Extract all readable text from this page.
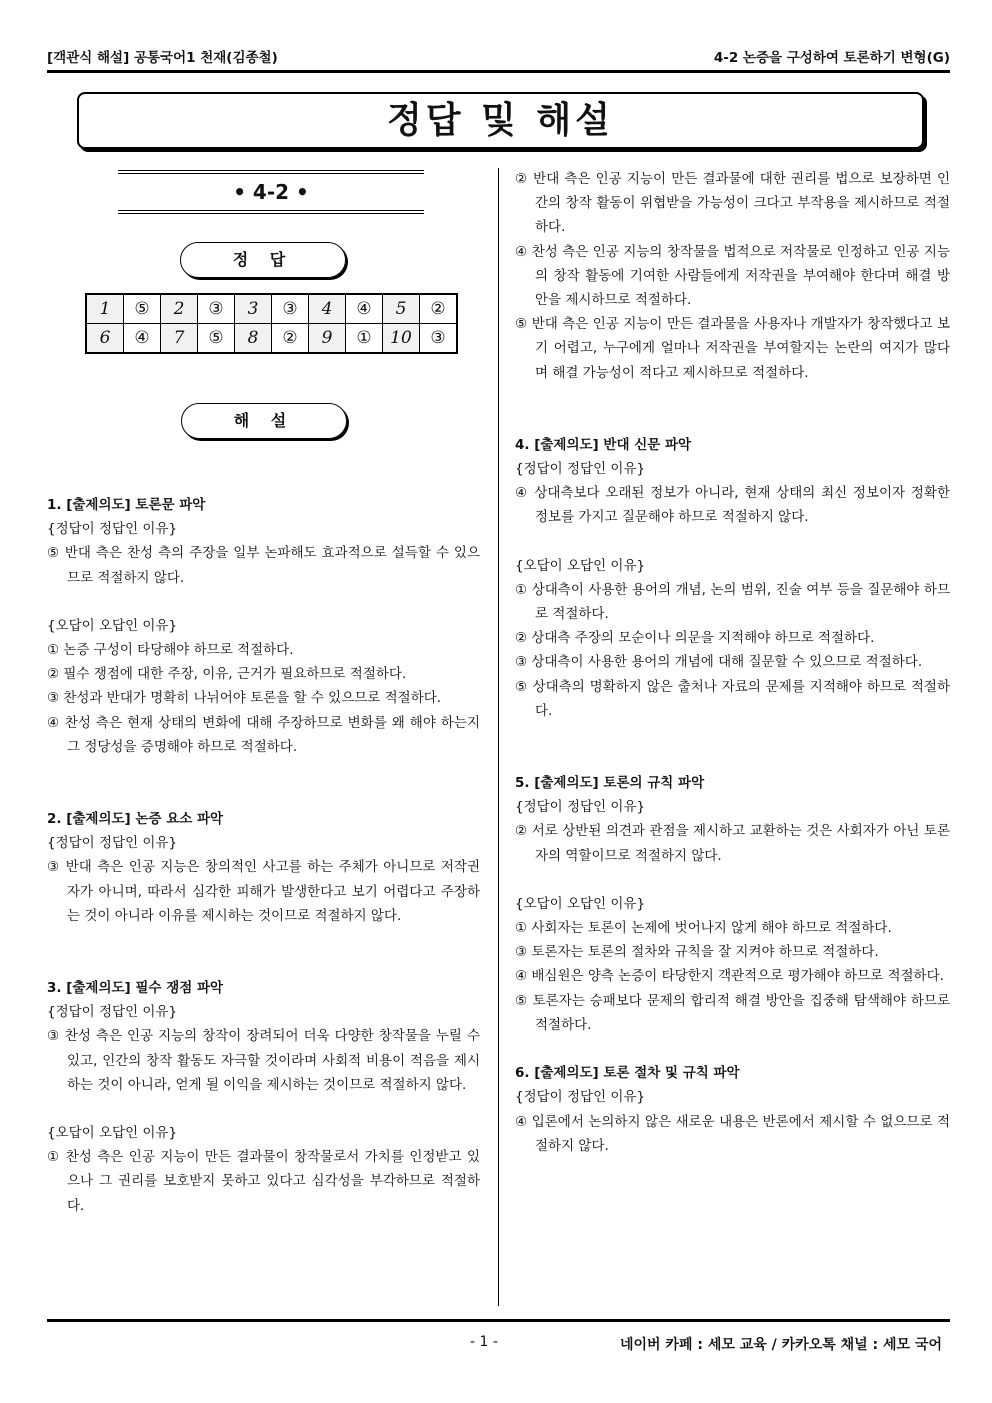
[객관식 해설] 공통국어1 천재(김종철)	4-2 논증을 구성하여 토론하기 변형(G)
정답 및 해설
• 4-2 •
정 답
1	⑤	2	③	3	③	4	④	5	②
6	④	7	⑤	8	②	9	①	10	③
해 설

1. [출제의도] 토론문 파악

{정답이 정답인 이유}

⑤ 반대 측은 찬성 측의 주장을 일부 논파해도 효과적으로 설득할 수 있으므로 적절하지 않다.

{오답이 오답인 이유}

① 논증 구성이 타당해야 하므로 적절하다.

② 필수 쟁점에 대한 주장, 이유, 근거가 필요하므로 적절하다.

③ 찬성과 반대가 명확히 나뉘어야 토론을 할 수 있으므로 적절하다.

④ 찬성 측은 현재 상태의 변화에 대해 주장하므로 변화를 왜 해야 하는지 그 정당성을 증명해야 하므로 적절하다.

2. [출제의도] 논증 요소 파악

{정답이 정답인 이유}

③ 반대 측은 인공 지능은 창의적인 사고를 하는 주체가 아니므로 저작권자가 아니며, 따라서 심각한 피해가 발생한다고 보기 어렵다고 주장하는 것이 아니라 이유를 제시하는 것이므로 적절하지 않다.

3. [출제의도] 필수 쟁점 파악

{정답이 정답인 이유}

③ 찬성 측은 인공 지능의 창작이 장려되어 더욱 다양한 창작물을 누릴 수 있고, 인간의 창작 활동도 자극할 것이라며 사회적 비용이 적음을 제시하는 것이 아니라, 얻게 될 이익을 제시하는 것이므로 적절하지 않다.

{오답이 오답인 이유}

① 찬성 측은 인공 지능이 만든 결과물이 창작물로서 가치를 인정받고 있으나 그 권리를 보호받지 못하고 있다고 심각성을 부각하므로 적절하다.

② 반대 측은 인공 지능이 만든 결과물에 대한 권리를 법으로 보장하면 인간의 창작 활동이 위협받을 가능성이 크다고 부작용을 제시하므로 적절하다.

④ 찬성 측은 인공 지능의 창작물을 법적으로 저작물로 인정하고 인공 지능의 창작 활동에 기여한 사람들에게 저작권을 부여해야 한다며 해결 방안을 제시하므로 적절하다.

⑤ 반대 측은 인공 지능이 만든 결과물을 사용자나 개발자가 창작했다고 보기 어렵고, 누구에게 얼마나 저작권을 부여할지는 논란의 여지가 많다며 해결 가능성이 적다고 제시하므로 적절하다.

4. [출제의도] 반대 신문 파악

{정답이 정답인 이유}

④ 상대측보다 오래된 정보가 아니라, 현재 상태의 최신 정보이자 정확한 정보를 가지고 질문해야 하므로 적절하지 않다.

{오답이 오답인 이유}

① 상대측이 사용한 용어의 개념, 논의 범위, 진술 여부 등을 질문해야 하므로 적절하다.

② 상대측 주장의 모순이나 의문을 지적해야 하므로 적절하다.

③ 상대측이 사용한 용어의 개념에 대해 질문할 수 있으므로 적절하다.

⑤ 상대측의 명확하지 않은 출처나 자료의 문제를 지적해야 하므로 적절하다.

5. [출제의도] 토론의 규칙 파악

{정답이 정답인 이유}

② 서로 상반된 의견과 관점을 제시하고 교환하는 것은 사회자가 아닌 토론자의 역할이므로 적절하지 않다.

{오답이 오답인 이유}

① 사회자는 토론이 논제에 벗어나지 않게 해야 하므로 적절하다.

③ 토론자는 토론의 절차와 규칙을 잘 지켜야 하므로 적절하다.

④ 배심원은 양측 논증이 타당한지 객관적으로 평가해야 하므로 적절하다.

⑤ 토론자는 승패보다 문제의 합리적 해결 방안을 집중해 탐색해야 하므로 적절하다.

6. [출제의도] 토론 절차 및 규칙 파악

{정답이 정답인 이유}

④ 입론에서 논의하지 않은 새로운 내용은 반론에서 제시할 수 없으므로 적절하지 않다.

- 1 -	네이버 카페 : 세모 교육 / 카카오톡 채널 : 세모 국어
